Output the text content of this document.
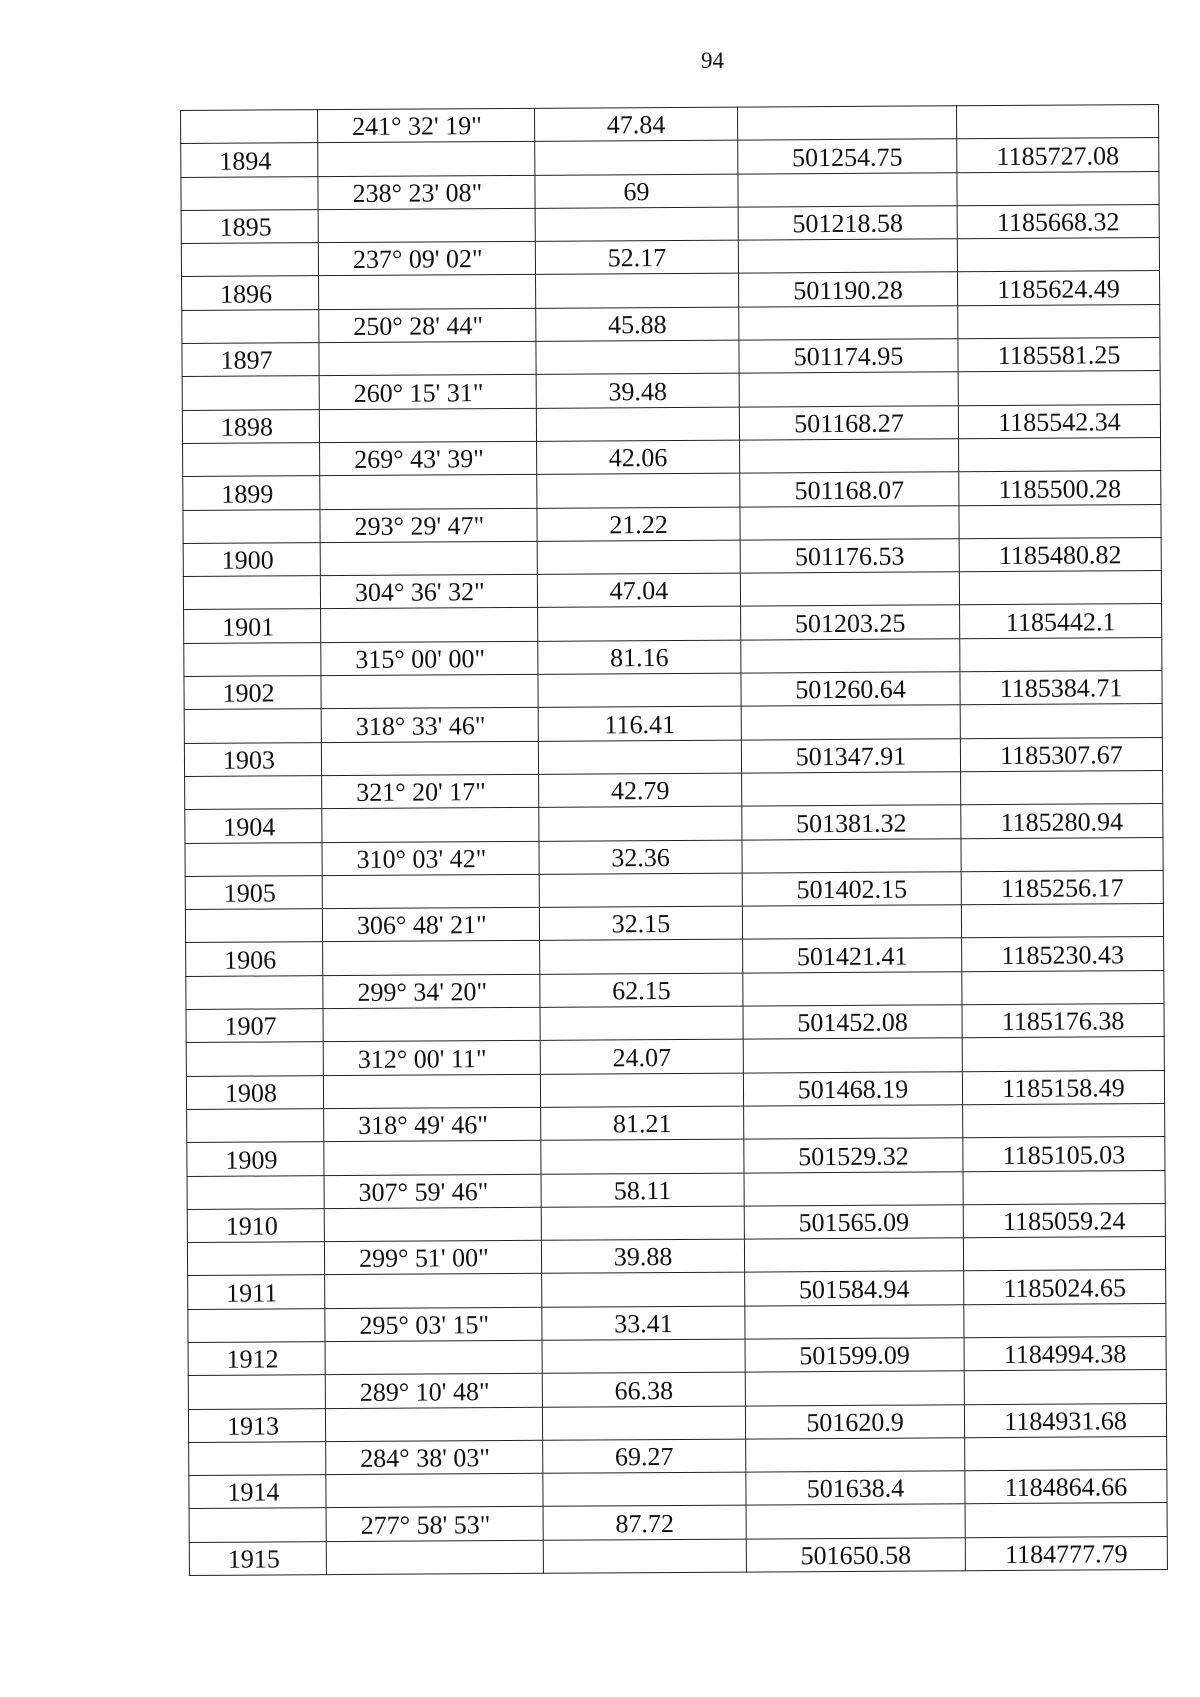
94
	241° 32' 19"	47.84		
1894			501254.75	1185727.08
	238° 23' 08"	69		
1895			501218.58	1185668.32
	237° 09' 02"	52.17		
1896			501190.28	1185624.49
	250° 28' 44"	45.88		
1897			501174.95	1185581.25
	260° 15' 31"	39.48		
1898			501168.27	1185542.34
	269° 43' 39"	42.06		
1899			501168.07	1185500.28
	293° 29' 47"	21.22		
1900			501176.53	1185480.82
	304° 36' 32"	47.04		
1901			501203.25	1185442.1
	315° 00' 00"	81.16		
1902			501260.64	1185384.71
	318° 33' 46"	116.41		
1903			501347.91	1185307.67
	321° 20' 17"	42.79		
1904			501381.32	1185280.94
	310° 03' 42"	32.36		
1905			501402.15	1185256.17
	306° 48' 21"	32.15		
1906			501421.41	1185230.43
	299° 34' 20"	62.15		
1907			501452.08	1185176.38
	312° 00' 11"	24.07		
1908			501468.19	1185158.49
	318° 49' 46"	81.21		
1909			501529.32	1185105.03
	307° 59' 46"	58.11		
1910			501565.09	1185059.24
	299° 51' 00"	39.88		
1911			501584.94	1185024.65
	295° 03' 15"	33.41		
1912			501599.09	1184994.38
	289° 10' 48"	66.38		
1913			501620.9	1184931.68
	284° 38' 03"	69.27		
1914			501638.4	1184864.66
	277° 58' 53"	87.72		
1915			501650.58	1184777.79
